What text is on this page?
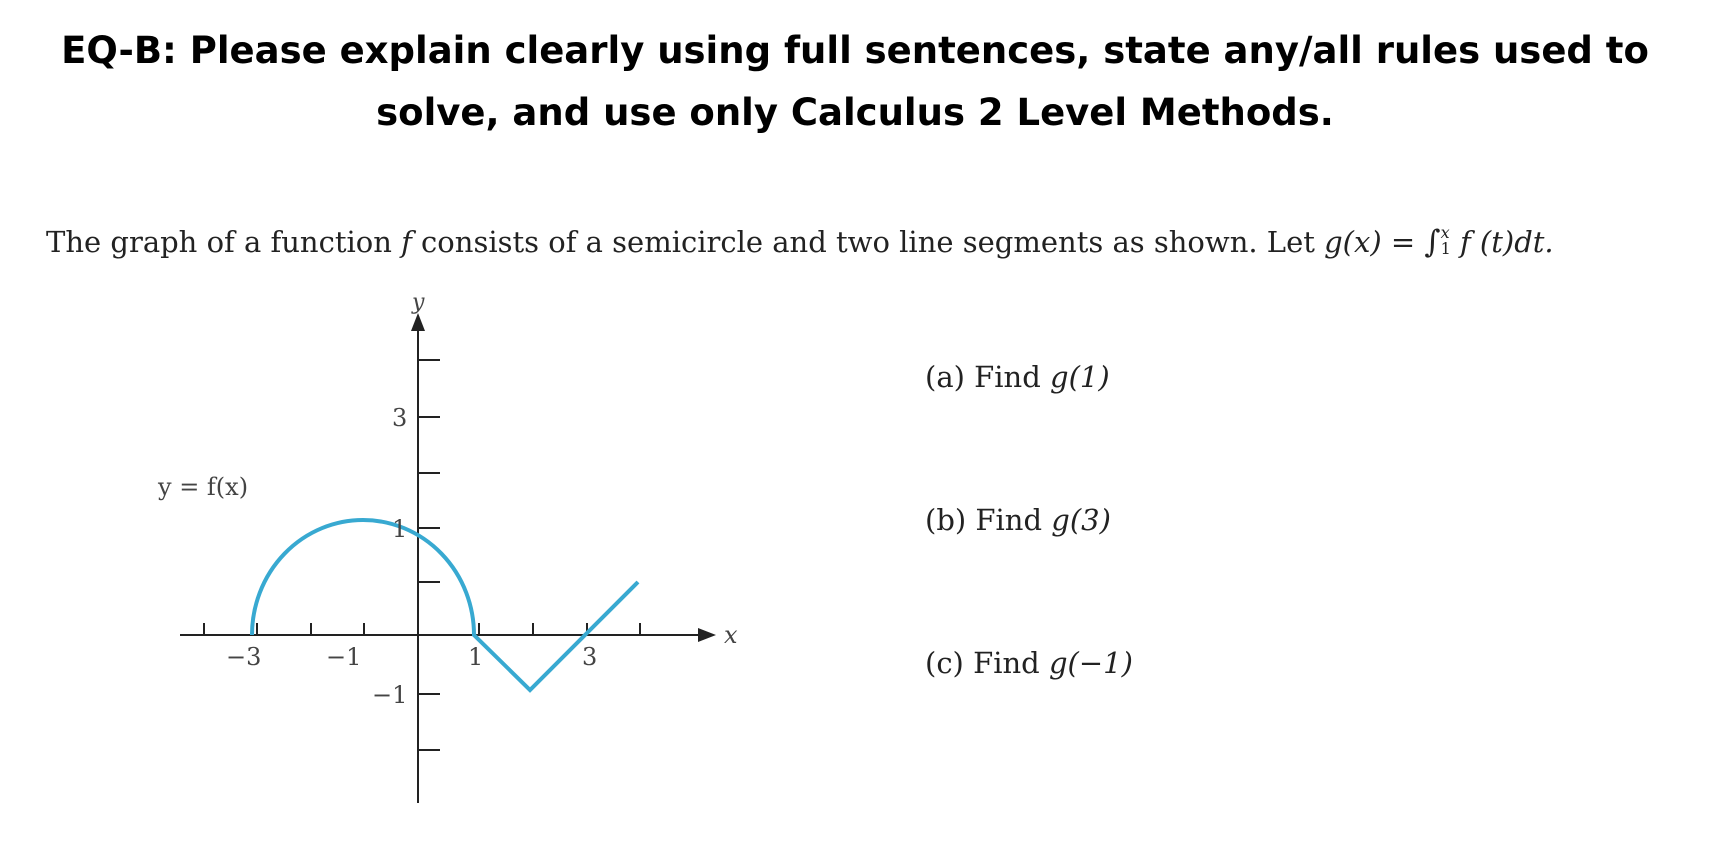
EQ-B: Please explain clearly using full sentences, state any/all rules used to
solve, and use only Calculus 2 Level Methods.
The graph of a function f consists of a semicircle and two line segments as shown. Let g(x) = ∫ x
1 f (t)dt.
y
x
y = f(x)
−3	−1	1	3
3
1
−1
(a) Find g(1)
(b) Find g(3)
(c) Find g(−1)
